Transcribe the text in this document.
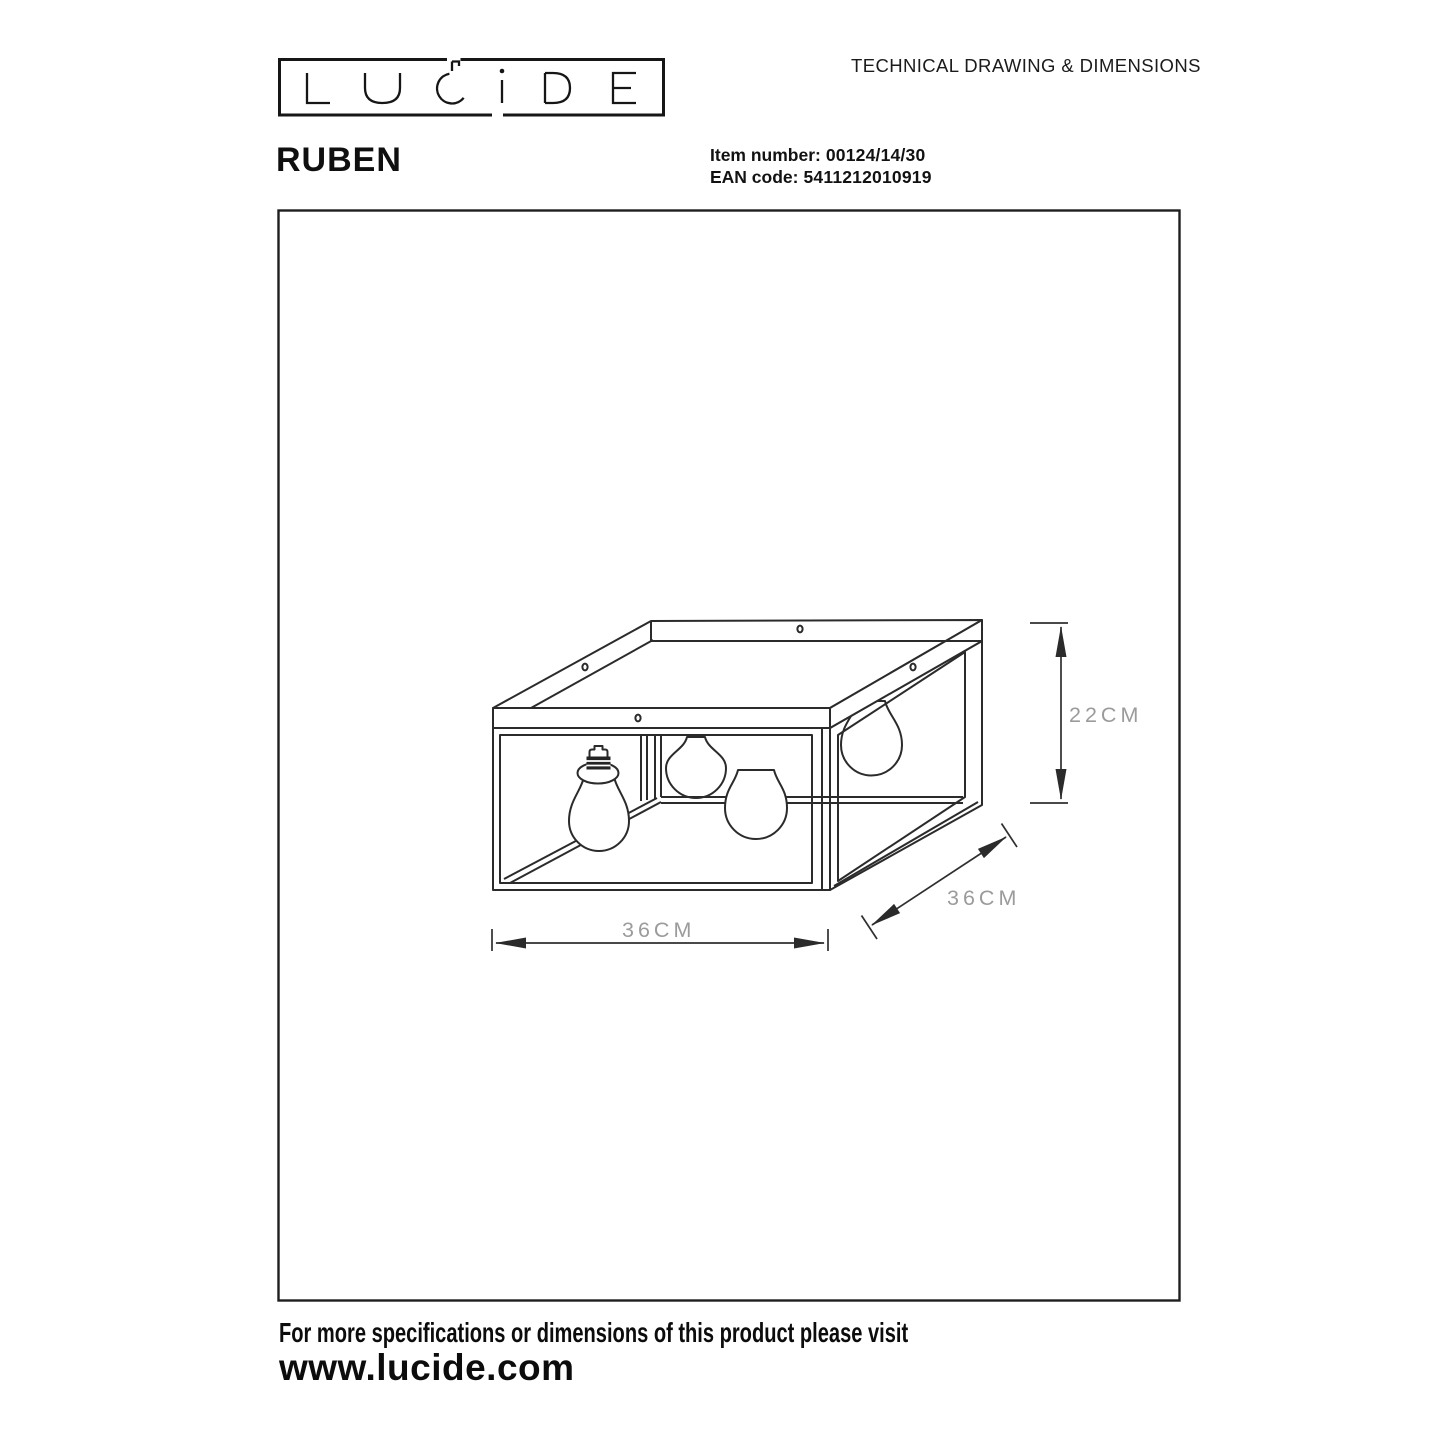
TECHNICAL DRAWING & DIMENSIONS
RUBEN	Item number: 00124/14/30
EAN code: 5411212010919
22CM
36CM
36CM
For more specifications or dimensions of this product please visit
www.lucide.com
